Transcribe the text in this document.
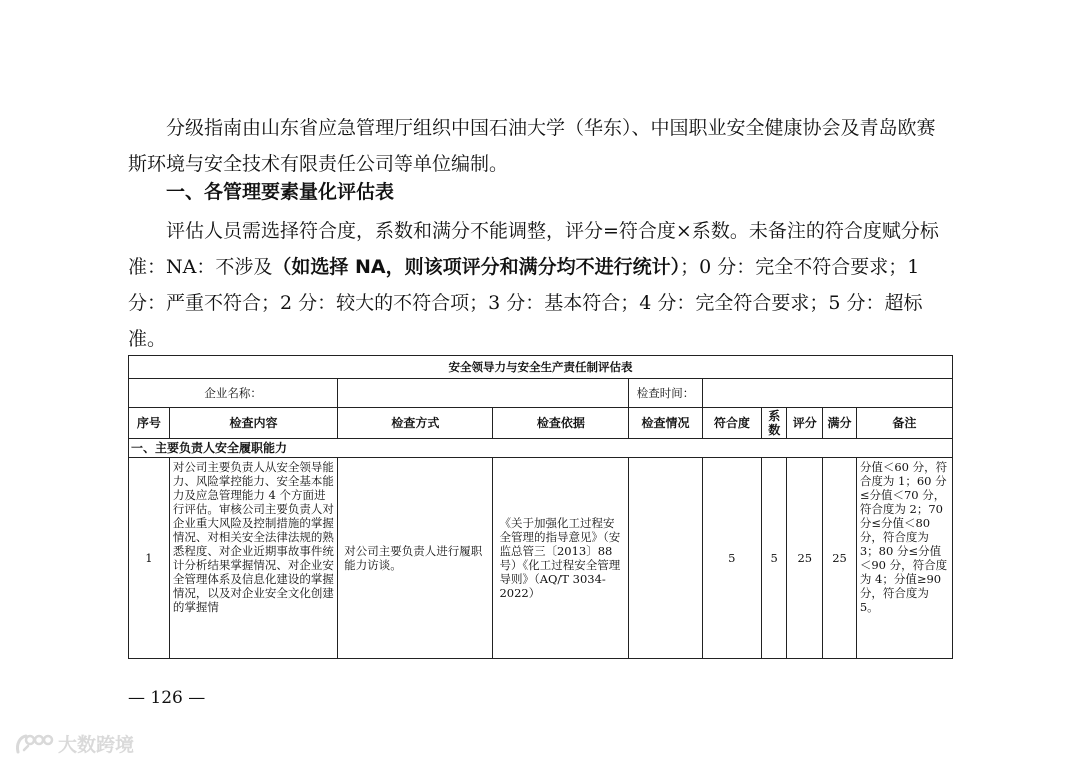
分级指南由山东省应急管理厅组织中国石油大学（华东）、中国职业安全健康协会及青岛欧赛斯环境与安全技术有限责任公司等单位编制。

一、各管理要素量化评估表

评估人员需选择符合度，系数和满分不能调整，评分=符合度×系数。未备注的符合度赋分标准：NA：不涉及（如选择 NA，则该项评分和满分均不进行统计）；0 分：完全不符合要求；1 分：严重不符合；2 分：较大的不符合项；3 分：基本符合；4 分：完全符合要求；5 分：超标准。

安全领导力与安全生产责任制评估表									
企业名称：				检查时间：					
序号	检查内容	检查方式	检查依据	检查情况	符合度	系数	评分	满分	备注
一、主要负责人安全履职能力									
1	对公司主要负责人从安全领导能力、风险掌控能力、安全基本能力及应急管理能力 4 个方面进行评估。审核公司主要负责人对企业重大风险及控制措施的掌握情况、对相关安全法律法规的熟悉程度、对企业近期事故事件统计分析结果掌握情况、对企业安全管理体系及信息化建设的掌握情况，以及对企业安全文化创建的掌握情	对公司主要负责人进行履职能力访谈。	《关于加强化工过程安全管理的指导意见》（安监总管三〔2013〕88 号）《化工过程安全管理导则》（AQ/T 3034-2022）		5	5	25	25	分值＜60 分，符合度为 1；60 分≤分值＜70 分，符合度为 2；70 分≤分值＜80 分，符合度为 3；80 分≤分值＜90 分，符合度为 4；分值≥90 分，符合度为 5。
— 126 —
大数跨境
